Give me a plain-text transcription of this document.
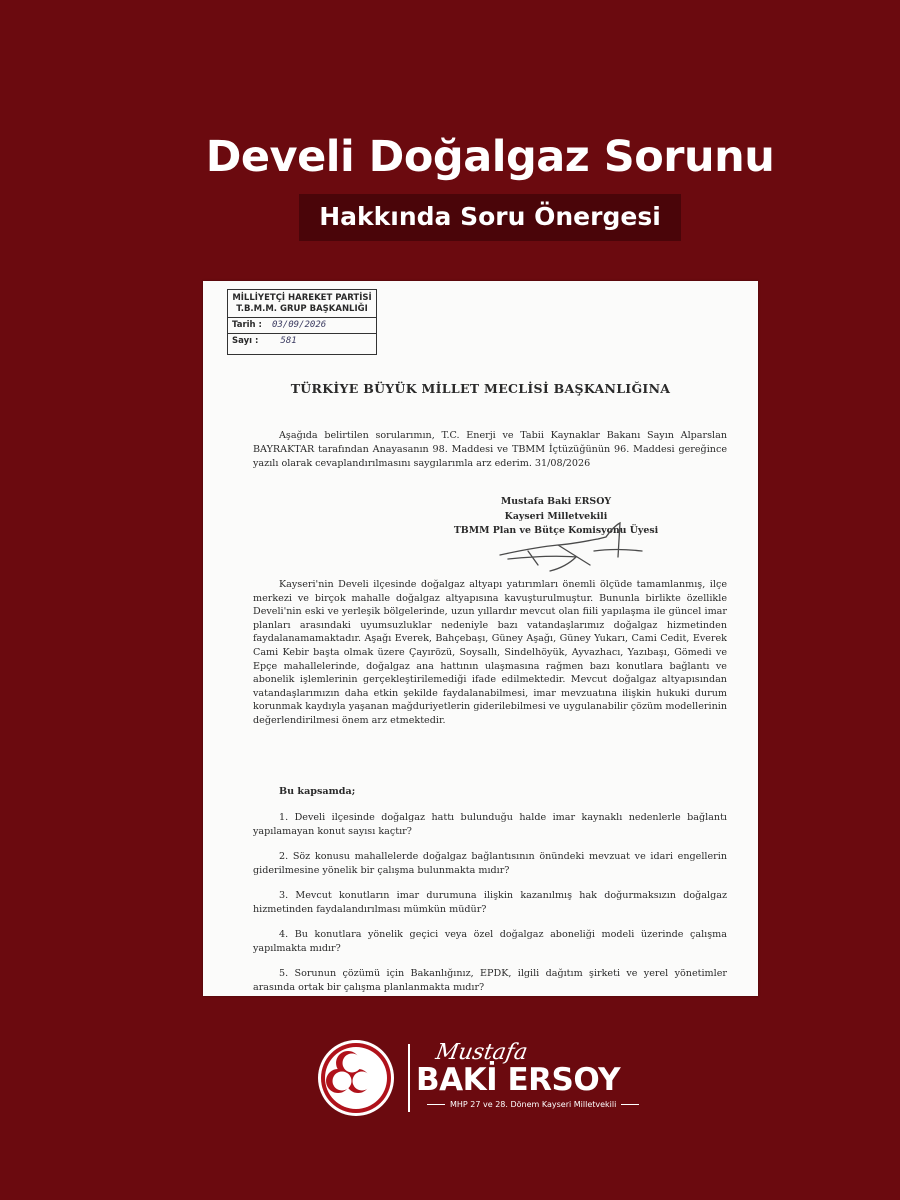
Develi Doğalgaz Sorunu
Hakkında Soru Önergesi
MİLLİYETÇİ HAREKET PARTİSİ
T.B.M.M. GRUP BAŞKANLIĞI
Tarih : 03/09/2026
Sayı : 581
TÜRKİYE BÜYÜK MİLLET MECLİSİ BAŞKANLIĞINA
Aşağıda belirtilen sorularımın, T.C. Enerji ve Tabii Kaynaklar Bakanı Sayın Alparslan BAYRAKTAR tarafından Anayasanın 98. Maddesi ve TBMM İçtüzüğünün 96. Maddesi gereğince yazılı olarak cevaplandırılmasını saygılarımla arz ederim. 31/08/2026
Mustafa Baki ERSOY
Kayseri Milletvekili
TBMM Plan ve Bütçe Komisyonu Üyesi
Kayseri'nin Develi ilçesinde doğalgaz altyapı yatırımları önemli ölçüde tamamlanmış, ilçe merkezi ve birçok mahalle doğalgaz altyapısına kavuşturulmuştur. Bununla birlikte özellikle Develi'nin eski ve yerleşik bölgelerinde, uzun yıllardır mevcut olan fiili yapılaşma ile güncel imar planları arasındaki uyumsuzluklar nedeniyle bazı vatandaşlarımız doğalgaz hizmetinden faydalanamamaktadır. Aşağı Everek, Bahçebaşı, Güney Aşağı, Güney Yukarı, Cami Cedit, Everek Cami Kebir başta olmak üzere Çayırözü, Soysallı, Sindelhöyük, Ayvazhacı, Yazıbaşı, Gömedi ve Epçe mahallelerinde, doğalgaz ana hattının ulaşmasına rağmen bazı konutlara bağlantı ve abonelik işlemlerinin gerçekleştirilemediği ifade edilmektedir. Mevcut doğalgaz altyapısından vatandaşlarımızın daha etkin şekilde faydalanabilmesi, imar mevzuatına ilişkin hukuki durum korunmak kaydıyla yaşanan mağduriyetlerin giderilebilmesi ve uygulanabilir çözüm modellerinin değerlendirilmesi önem arz etmektedir.
Bu kapsamda;

1. Develi ilçesinde doğalgaz hattı bulunduğu halde imar kaynaklı nedenlerle bağlantı yapılamayan konut sayısı kaçtır?

2. Söz konusu mahallelerde doğalgaz bağlantısının önündeki mevzuat ve idari engellerin giderilmesine yönelik bir çalışma bulunmakta mıdır?

3. Mevcut konutların imar durumuna ilişkin kazanılmış hak doğurmaksızın doğalgaz hizmetinden faydalandırılması mümkün müdür?

4. Bu konutlara yönelik geçici veya özel doğalgaz aboneliği modeli üzerinde çalışma yapılmakta mıdır?

5. Sorunun çözümü için Bakanlığınız, EPDK, ilgili dağıtım şirketi ve yerel yönetimler arasında ortak bir çalışma planlanmakta mıdır?

Mustafa
BAKİ ERSOY
MHP 27 ve 28. Dönem Kayseri Milletvekili
